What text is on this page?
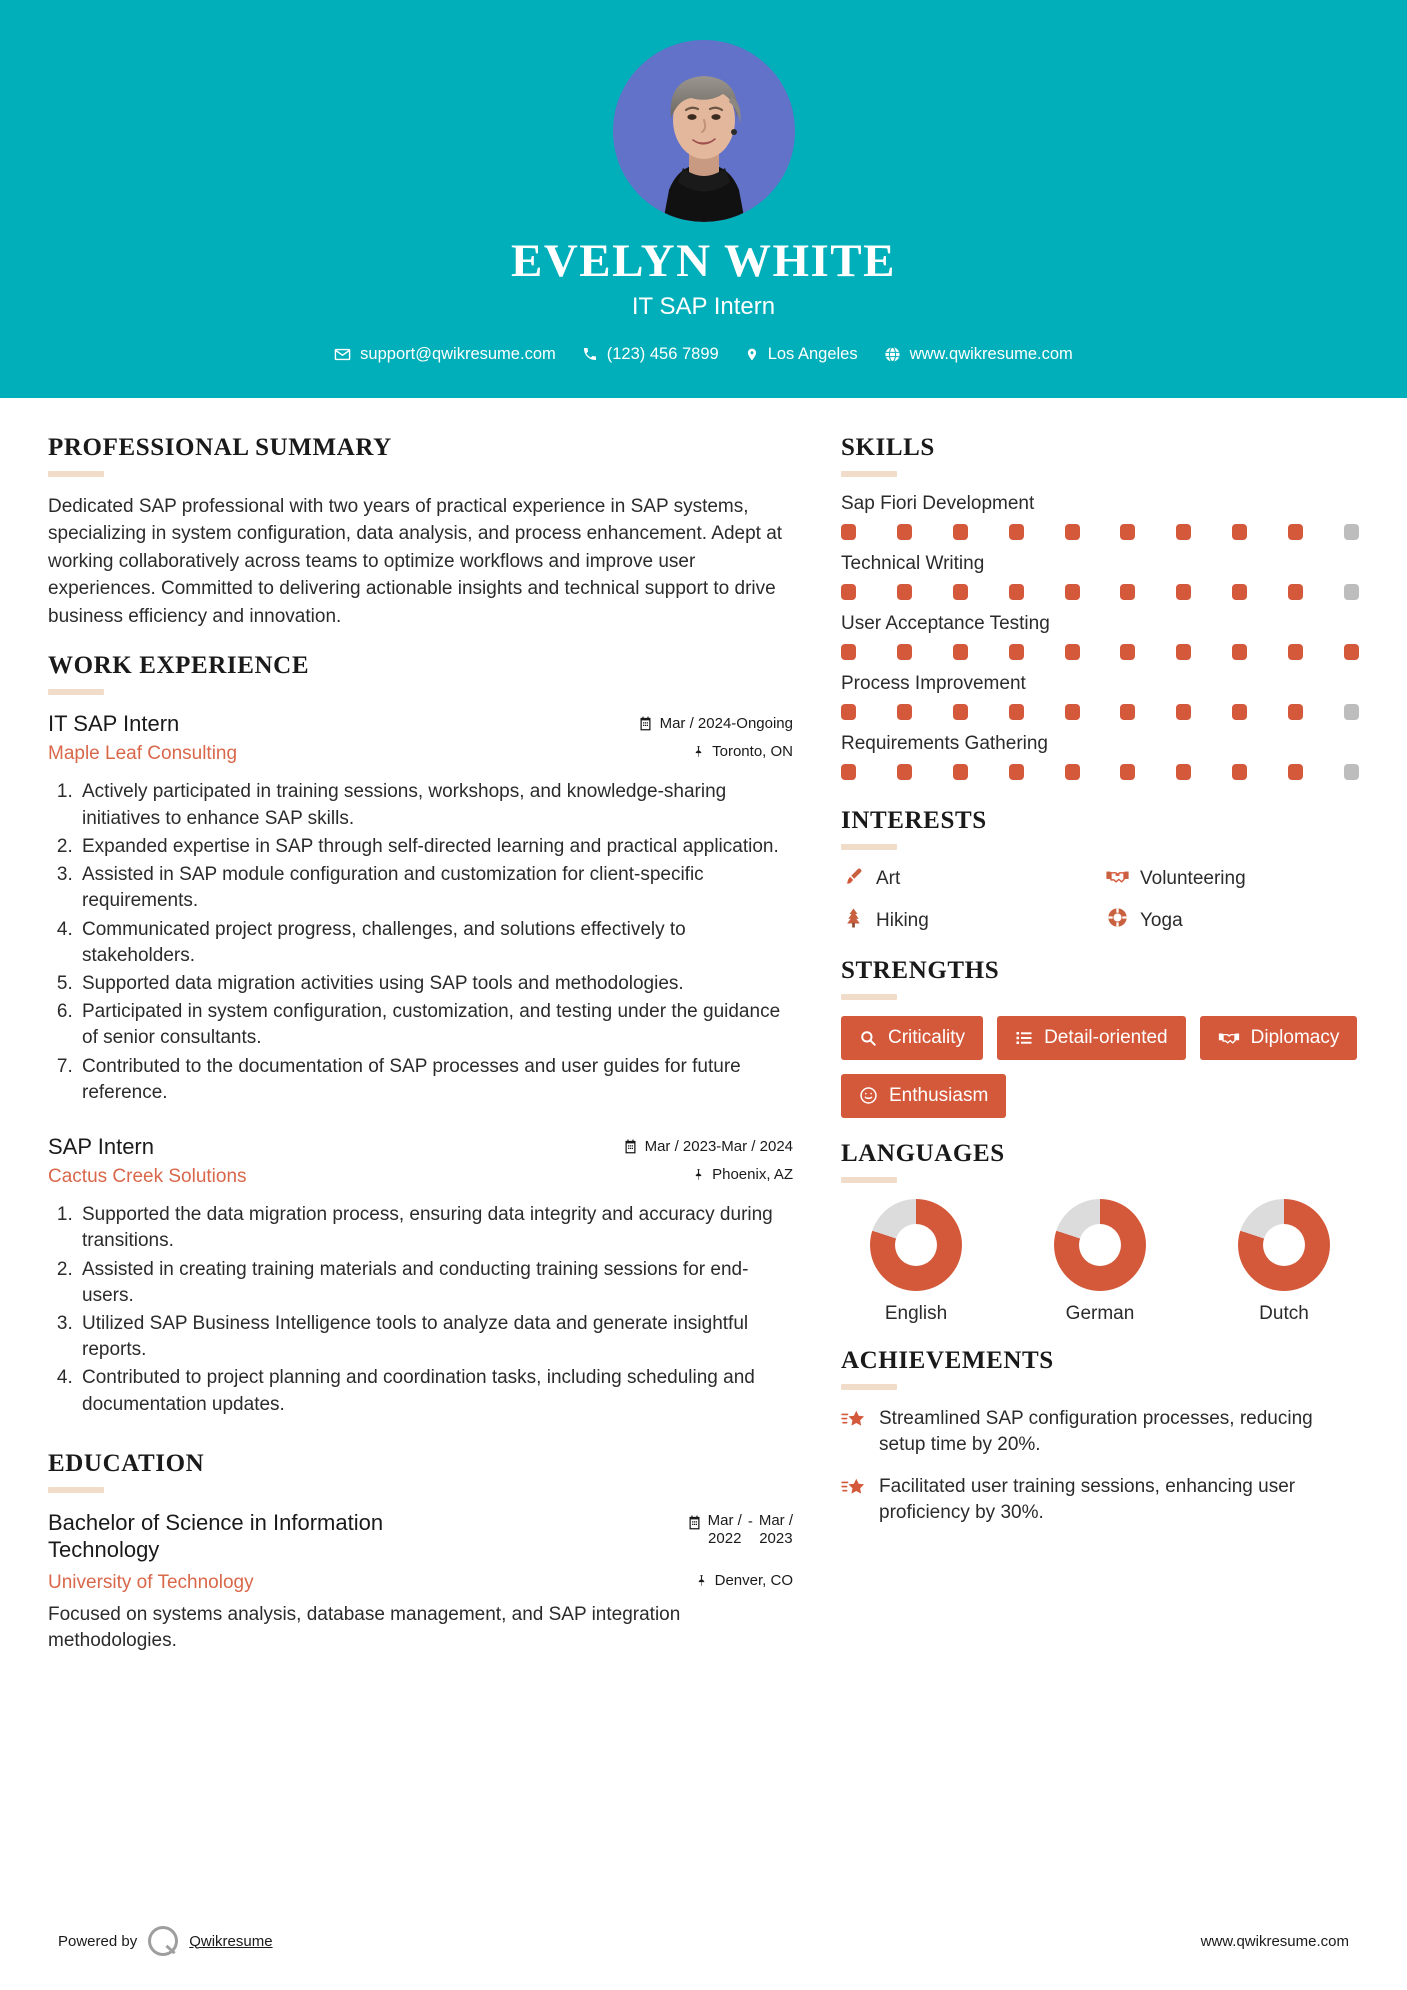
EVELYN WHITE
IT SAP Intern
support@qwikresume.com	(123) 456 7899	Los Angeles	www.qwikresume.com
PROFESSIONAL SUMMARY

Dedicated SAP professional with two years of practical experience in SAP systems, specializing in system configuration, data analysis, and process enhancement. Adept at working collaboratively across teams to optimize workflows and improve user experiences. Committed to delivering actionable insights and technical support to drive business efficiency and innovation.

WORK EXPERIENCE
IT SAP Intern	Mar / 2024-Ongoing
Maple Leaf Consulting	Toronto, ON
1. Actively participated in training sessions, workshops, and knowledge-sharing initiatives to enhance SAP skills.
2. Expanded expertise in SAP through self-directed learning and practical application.
3. Assisted in SAP module configuration and customization for client-specific requirements.
4. Communicated project progress, challenges, and solutions effectively to stakeholders.
5. Supported data migration activities using SAP tools and methodologies.
6. Participated in system configuration, customization, and testing under the guidance of senior consultants.
7. Contributed to the documentation of SAP processes and user guides for future reference.
SAP Intern	Mar / 2023-Mar / 2024
Cactus Creek Solutions	Phoenix, AZ
1. Supported the data migration process, ensuring data integrity and accuracy during transitions.
2. Assisted in creating training materials and conducting training sessions for end-users.
3. Utilized SAP Business Intelligence tools to analyze data and generate insightful reports.
4. Contributed to project planning and coordination tasks, including scheduling and documentation updates.
EDUCATION
Bachelor of Science in Information Technology
Mar /
2022
- Mar /
2023
University of Technology	Denver, CO

Focused on systems analysis, database management, and SAP integration methodologies.

SKILLS
Sap Fiori Development
Technical Writing
User Acceptance Testing
Process Improvement
Requirements Gathering
INTERESTS
Art	Volunteering
Hiking	Yoga
STRENGTHS
Criticality	Detail-oriented	Diplomacy
Enthusiasm
LANGUAGES
English	German	Dutch
ACHIEVEMENTS
Streamlined SAP configuration processes, reducing setup time by 20%.
Facilitated user training sessions, enhancing user proficiency by 30%.
Powered by	Qwikresume	www.qwikresume.com
